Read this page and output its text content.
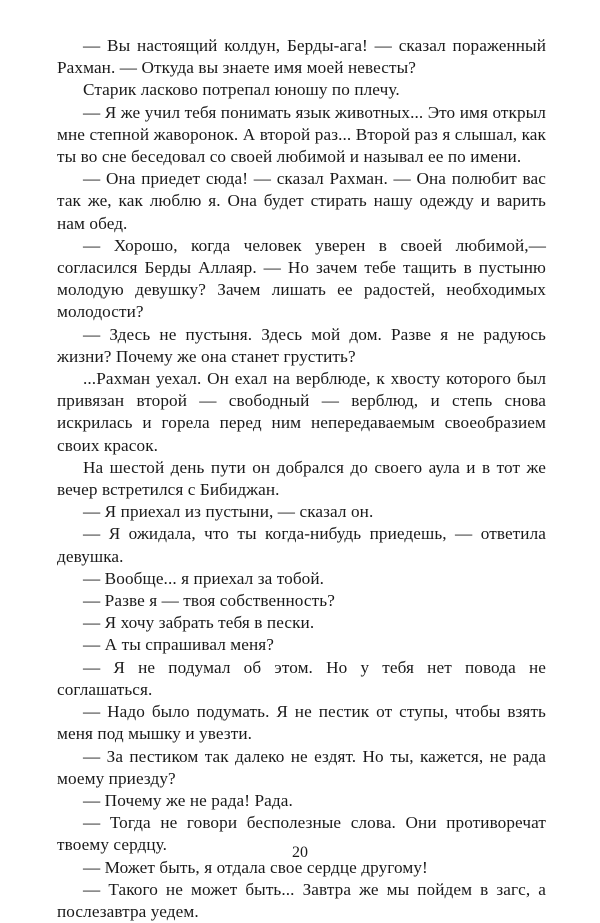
— Вы настоящий колдун, Берды-ага! — сказал пораженный Рахман. — Откуда вы знаете имя моей невесты?

Старик ласково потрепал юношу по плечу.

— Я же учил тебя понимать язык животных... Это имя открыл мне степной жаворонок. А второй раз... Второй раз я слышал, как ты во сне беседовал со своей любимой и называл ее по имени.

— Она приедет сюда! — сказал Рахман. — Она полюбит вас так же, как люблю я. Она будет стирать нашу одежду и варить нам обед.

— Хорошо, когда человек уверен в своей любимой,— согласился Берды Аллаяр. — Но зачем тебе тащить в пустыню молодую девушку? Зачем лишать ее радостей, необходимых молодости?

— Здесь не пустыня. Здесь мой дом. Разве я не радуюсь жизни? Почему же она станет грустить?

...Рахман уехал. Он ехал на верблюде, к хвосту которого был привязан второй — свободный — верблюд, и степь снова искрилась и горела перед ним непередаваемым своеобразием своих красок.

На шестой день пути он добрался до своего аула и в тот же вечер встретился с Бибиджан.

— Я приехал из пустыни, — сказал он.

— Я ожидала, что ты когда-нибудь приедешь, — ответила девушка.

— Вообще... я приехал за тобой.

— Разве я — твоя собственность?

— Я хочу забрать тебя в пески.

— А ты спрашивал меня?

— Я не подумал об этом. Но у тебя нет повода не соглашаться.

— Надо было подумать. Я не пестик от ступы, чтобы взять меня под мышку и увезти.

— За пестиком так далеко не ездят. Но ты, кажется, не рада моему приезду?

— Почему же не рада! Рада.

— Тогда не говори бесполезные слова. Они противоречат твоему сердцу.

— Может быть, я отдала свое сердце другому!

— Такого не может быть... Завтра же мы пойдем в загс, а послезавтра уедем.

20
